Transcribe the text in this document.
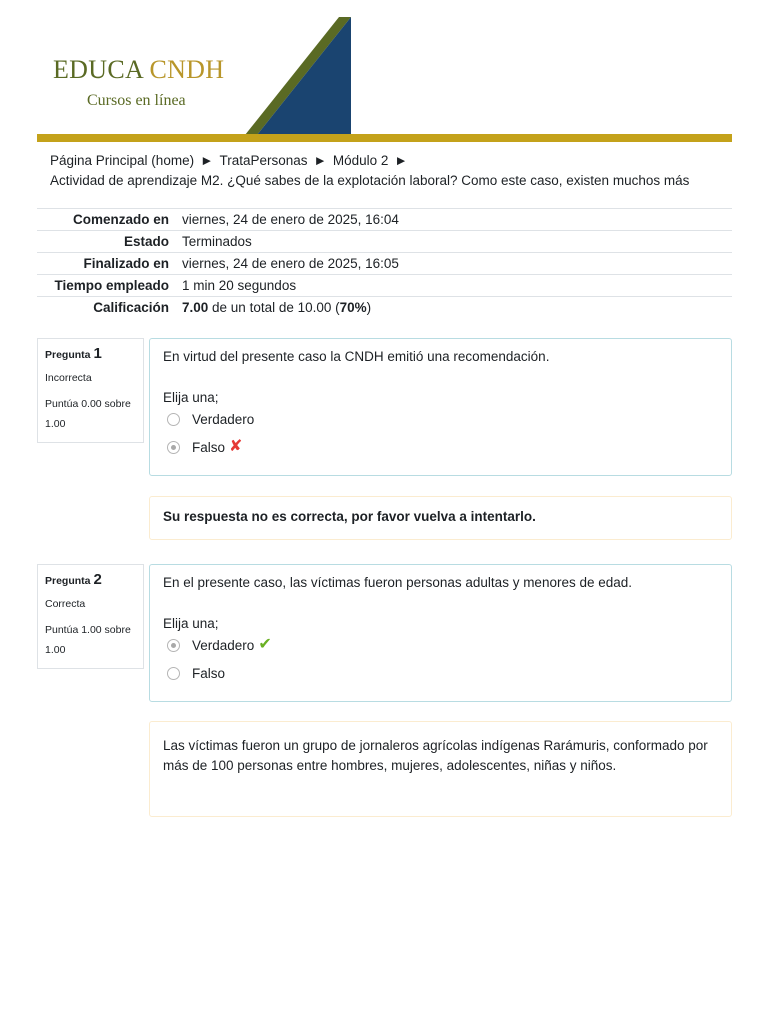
EDUCA CNDH
Cursos en línea
Página Principal (home) ► TrataPersonas ► Módulo 2 ►
Actividad de aprendizaje M2. ¿Qué sabes de la explotación laboral? Como este caso, existen muchos más
Comenzado en	viernes, 24 de enero de 2025, 16:04
Estado	Terminados
Finalizado en	viernes, 24 de enero de 2025, 16:05
Tiempo empleado	1 min 20 segundos
Calificación	7.00 de un total de 10.00 (70%)
Pregunta 1
Incorrecta
Puntúa 0.00 sobre 1.00
En virtud del presente caso la CNDH emitió una recomendación.
Elija una;
Verdadero
Falso ✘
Su respuesta no es correcta, por favor vuelva a intentarlo.
Pregunta 2
Correcta
Puntúa 1.00 sobre 1.00
En el presente caso, las víctimas fueron personas adultas y menores de edad.
Elija una;
Verdadero ✔
Falso
Las víctimas fueron un grupo de jornaleros agrícolas indígenas Rarámuris, conformado por más de 100 personas entre hombres, mujeres, adolescentes, niñas y niños.
